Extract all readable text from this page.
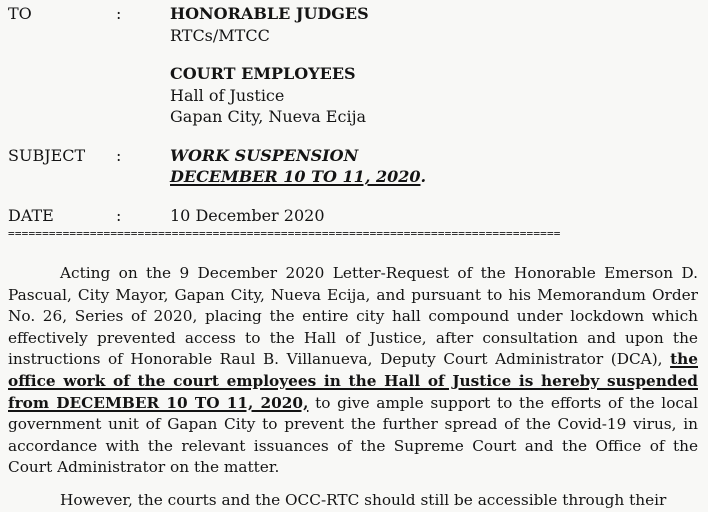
TO	:	HONORABLE JUDGES
RTCs/MTCC
COURT EMPLOYEES
Hall of Justice
Gapan City, Nueva Ecija
SUBJECT :	WORK SUSPENSION
DECEMBER 10 TO 11, 2020.
DATE	:	10 December 2020
=================================================================================

Acting on the 9 December 2020 Letter-Request of the Honorable Emerson D. Pascual, City Mayor, Gapan City, Nueva Ecija, and pursuant to his Memorandum Order No. 26, Series of 2020, placing the entire city hall compound under lockdown which effectively prevented access to the Hall of Justice, after consultation and upon the instructions of Honorable Raul B. Villanueva, Deputy Court Administrator (DCA), the office work of the court employees in the Hall of Justice is hereby suspended from DECEMBER 10 TO 11, 2020, to give ample support to the efforts of the local government unit of Gapan City to prevent the further spread of the Covid-19 virus, in accordance with the relevant issuances of the Supreme Court and the Office of the Court Administrator on the matter.

However, the courts and the OCC-RTC should still be accessible through their
